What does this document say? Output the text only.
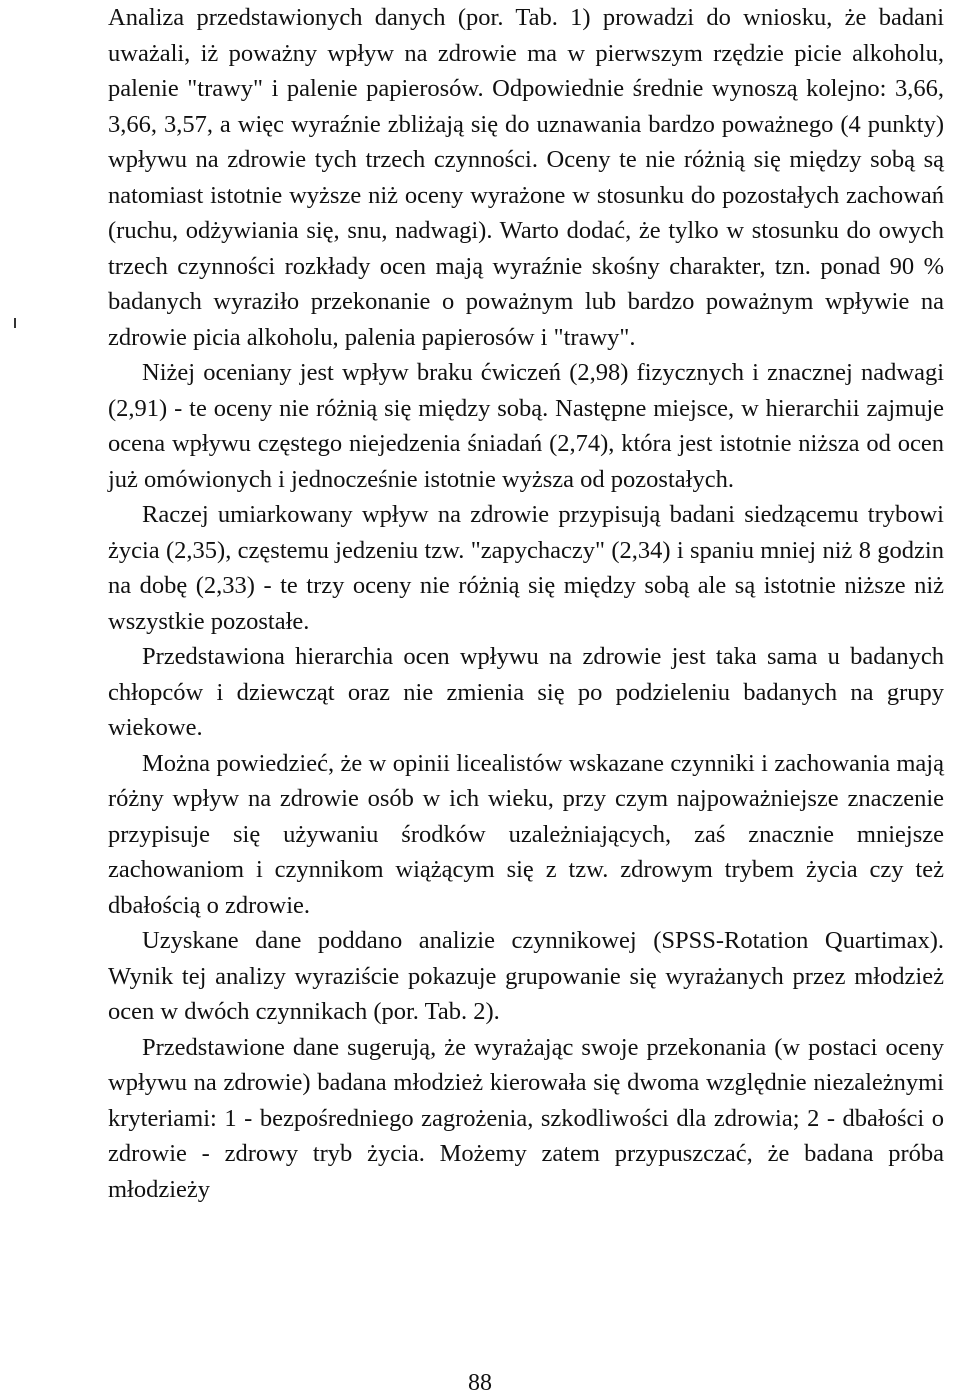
Analiza przedstawionych danych (por. Tab. 1) prowadzi do wniosku, że badani uważali, iż poważny wpływ na zdrowie ma w pierwszym rzędzie picie alkoholu, palenie "trawy" i palenie papierosów. Odpowiednie średnie wynoszą kolejno: 3,66, 3,66, 3,57, a więc wyraźnie zbliżają się do uznawania bardzo poważnego (4 punkty) wpływu na zdrowie tych trzech czynności. Oceny te nie różnią się między sobą są natomiast istotnie wyższe niż oceny wyrażone w stosunku do pozostałych zachowań (ruchu, odżywiania się, snu, nadwagi). Warto dodać, że tylko w stosunku do owych trzech czynności rozkłady ocen mają wyraźnie skośny charakter, tzn. ponad 90 % badanych wyraziło przekonanie o poważnym lub bardzo poważnym wpływie na zdrowie picia alkoholu, palenia papierosów i "trawy".

Niżej oceniany jest wpływ braku ćwiczeń (2,98) fizycznych i znacznej nadwagi (2,91) - te oceny nie różnią się między sobą. Następne miejsce, w hierarchii zajmuje ocena wpływu częstego niejedzenia śniadań (2,74), która jest istotnie niższa od ocen już omówionych i jednocześnie istotnie wyższa od pozostałych.

Raczej umiarkowany wpływ na zdrowie przypisują badani siedzącemu trybowi życia (2,35), częstemu jedzeniu tzw. "zapychaczy" (2,34) i spaniu mniej niż 8 godzin na dobę (2,33) - te trzy oceny nie różnią się między sobą ale są istotnie niższe niż wszystkie pozostałe.

Przedstawiona hierarchia ocen wpływu na zdrowie jest taka sama u badanych chłopców i dziewcząt oraz nie zmienia się po podzieleniu badanych na grupy wiekowe.

Można powiedzieć, że w opinii licealistów wskazane czynniki i zachowania mają różny wpływ na zdrowie osób w ich wieku, przy czym najpoważniejsze znaczenie przypisuje się używaniu środków uzależniających, zaś znacznie mniejsze zachowaniom i czynnikom wiążącym się z tzw. zdrowym trybem życia czy też dbałością o zdrowie.

Uzyskane dane poddano analizie czynnikowej (SPSS-Rotation Quartimax). Wynik tej analizy wyraziście pokazuje grupowanie się wyrażanych przez młodzież ocen w dwóch czynnikach (por. Tab. 2).

Przedstawione dane sugerują, że wyrażając swoje przekonania (w postaci oceny wpływu na zdrowie) badana młodzież kierowała się dwoma względnie niezależnymi kryteriami: 1 - bezpośredniego zagrożenia, szkodliwości dla zdrowia; 2 - dbałości o zdrowie - zdrowy tryb życia. Możemy zatem przypuszczać, że badana próba młodzieży

88
